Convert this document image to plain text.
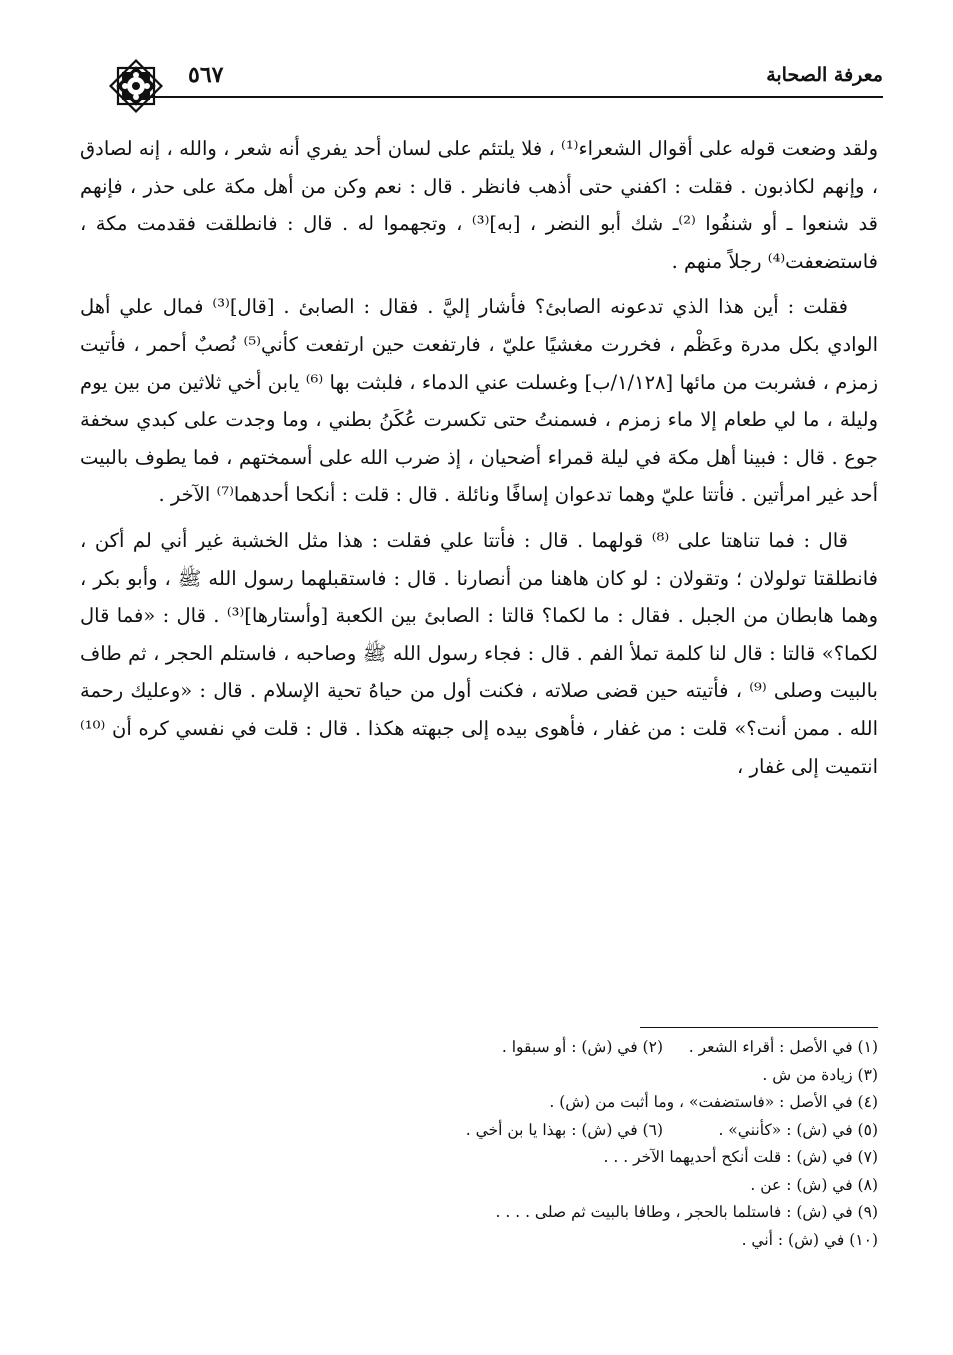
معرفة الصحابة
٥٦٧

ولقد وضعت قوله على أقوال الشعراء⁽¹⁾ ، فلا يلتئم على لسان أحد يفري أنه شعر ، والله ، إنه لصادق ، وإنهم لكاذبون . فقلت : اكفني حتى أذهب فانظر . قال : نعم وكن من أهل مكة على حذر ، فإنهم قد شنعوا ـ أو شنفُوا ⁽²⁾ـ شك أبو النضر ، [به]⁽³⁾ ، وتجهموا له . قال : فانطلقت فقدمت مكة ، فاستضعفت⁽⁴⁾ رجلاً منهم .

فقلت : أين هذا الذي تدعونه الصابئ؟ فأشار إليَّ . فقال : الصابئ . [قال]⁽³⁾ فمال علي أهل الوادي بكل مدرة وعَظْم ، فخررت مغشيًا عليّ ، فارتفعت حين ارتفعت كأني⁽⁵⁾ نُصبٌ أحمر ، فأتيت زمزم ، فشربت من مائها [١/١٢٨/ب] وغسلت عني الدماء ، فلبثت بها ⁽⁶⁾ يابن أخي ثلاثين من بين يوم وليلة ، ما لي طعام إلا ماء زمزم ، فسمنتُ حتى تكسرت عُكَنُ بطني ، وما وجدت على كبدي سخفة جوع . قال : فبينا أهل مكة في ليلة قمراء أضحيان ، إذ ضرب الله على أسمختهم ، فما يطوف بالبيت أحد غير امرأتين . فأتتا عليّ وهما تدعوان إسافًا ونائلة . قال : قلت : أنكحا أحدهما⁽⁷⁾ الآخر .

قال : فما تناهتا على ⁽⁸⁾ قولهما . قال : فأتتا علي فقلت : هذا مثل الخشبة غير أني لم أكن ، فانطلقتا تولولان ؛ وتقولان : لو كان هاهنا من أنصارنا . قال : فاستقبلهما رسول الله ﷺ ، وأبو بكر ، وهما هابطان من الجبل . فقال : ما لكما؟ قالتا : الصابئ بين الكعبة [وأستارها]⁽³⁾ . قال : «فما قال لكما؟» قالتا : قال لنا كلمة تملأ الفم . قال : فجاء رسول الله ﷺ وصاحبه ، فاستلم الحجر ، ثم طاف بالبيت وصلى ⁽⁹⁾ ، فأتيته حين قضى صلاته ، فكنت أول من حياهُ تحية الإسلام . قال : «وعليك رحمة الله . ممن أنت؟» قلت : من غفار ، فأهوى بيده إلى جبهته هكذا . قال : قلت في نفسي كره أن ⁽¹⁰⁾ انتميت إلى غفار ،

(١) في الأصل : أقراء الشعر .
(٢) في (ش) : أو سبقوا .
(٣) زيادة من ش .
(٤) في الأصل : «فاستضفت» ، وما أثبت من (ش) .
(٥) في (ش) : «كأنني» .
(٦) في (ش) : بهذا يا بن أخي .
(٧) في (ش) : قلت أنكح أحديهما الآخر . . .
(٨) في (ش) : عن .
(٩) في (ش) : فاستلما بالحجر ، وطافا بالبيت ثم صلى . . . .
(١٠) في (ش) : أني .
